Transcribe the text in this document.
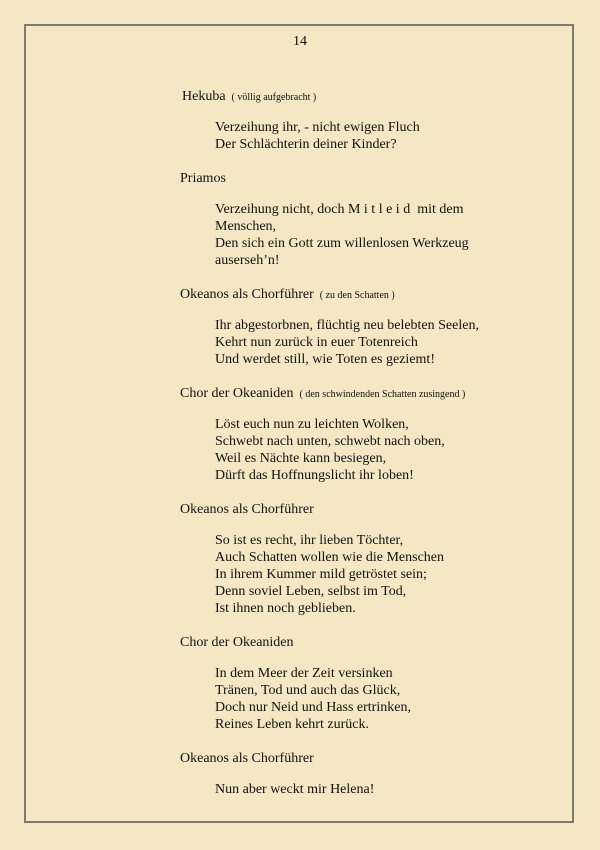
14
Hekuba ( völlig aufgebracht )
Verzeihung ihr, - nicht ewigen Fluch
Der Schlächterin deiner Kinder?
Priamos
Verzeihung nicht, doch Mitleid mit dem
Menschen,
Den sich ein Gott zum willenlosen Werkzeug
auserseh’n!
Okeanos als Chorführer ( zu den Schatten )
Ihr abgestorbnen, flüchtig neu belebten Seelen,
Kehrt nun zurück in euer Totenreich
Und werdet still, wie Toten es geziemt!
Chor der Okeaniden ( den schwindenden Schatten zusingend )
Löst euch nun zu leichten Wolken,
Schwebt nach unten, schwebt nach oben,
Weil es Nächte kann besiegen,
Dürft das Hoffnungslicht ihr loben!
Okeanos als Chorführer
So ist es recht, ihr lieben Töchter,
Auch Schatten wollen wie die Menschen
In ihrem Kummer mild getröstet sein;
Denn soviel Leben, selbst im Tod,
Ist ihnen noch geblieben.
Chor der Okeaniden
In dem Meer der Zeit versinken
Tränen, Tod und auch das Glück,
Doch nur Neid und Hass ertrinken,
Reines Leben kehrt zurück.
Okeanos als Chorführer
Nun aber weckt mir Helena!
